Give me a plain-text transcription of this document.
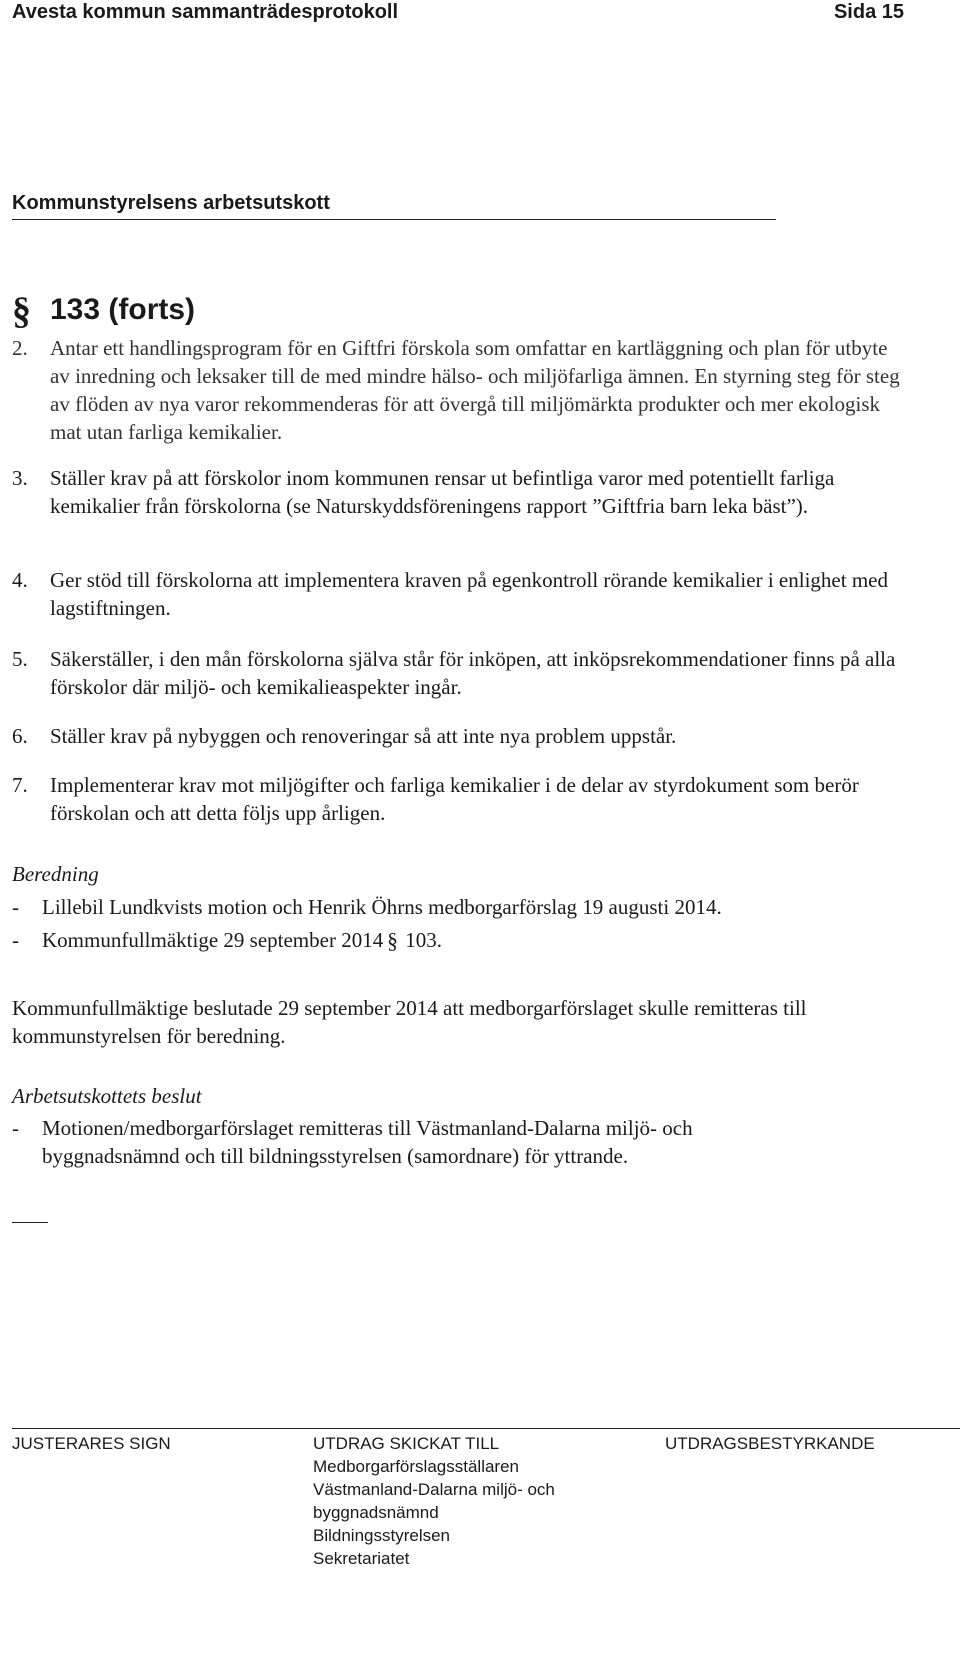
Avesta kommun sammanträdesprotokoll	Sida 15
Kommunstyrelsens arbetsutskott
§ 133 (forts)
2.	Antar ett handlingsprogram för en Giftfri förskola som omfattar en kartläggning och plan för utbyte av inredning och leksaker till de med mindre hälso- och miljöfarliga ämnen. En styrning steg för steg av flöden av nya varor rekommenderas för att övergå till miljömärkta produkter och mer ekologisk mat utan farliga kemikalier.
3.	Ställer krav på att förskolor inom kommunen rensar ut befintliga varor med potentiellt farliga kemikalier från förskolorna (se Naturskyddsföreningens rapport ”Giftfria barn leka bäst”).
4.	Ger stöd till förskolorna att implementera kraven på egenkontroll rörande kemikalier i enlighet med lagstiftningen.
5.	Säkerställer, i den mån förskolorna själva står för inköpen, att inköpsrekommendationer finns på alla förskolor där miljö- och kemikalieaspekter ingår.
6.	Ställer krav på nybyggen och renoveringar så att inte nya problem uppstår.
7.	Implementerar krav mot miljögifter och farliga kemikalier i de delar av styrdokument som berör förskolan och att detta följs upp årligen.
Beredning
-	Lillebil Lundkvists motion och Henrik Öhrns medborgarförslag 19 augusti 2014.
-	Kommunfullmäktige 29 september 2014 § 103.
Kommunfullmäktige beslutade 29 september 2014 att medborgarförslaget skulle remitteras till kommunstyrelsen för beredning.
Arbetsutskottets beslut
-	Motionen/medborgarförslaget remitteras till Västmanland-Dalarna miljö- och byggnadsnämnd och till bildningsstyrelsen (samordnare) för yttrande.
JUSTERARES SIGN	UTDRAG SKICKAT TILL
Medborgarförslagsställaren
Västmanland-Dalarna miljö- och byggnadsnämnd
Bildningsstyrelsen
Sekretariatet
UTDRAGSBESTYRKANDE
